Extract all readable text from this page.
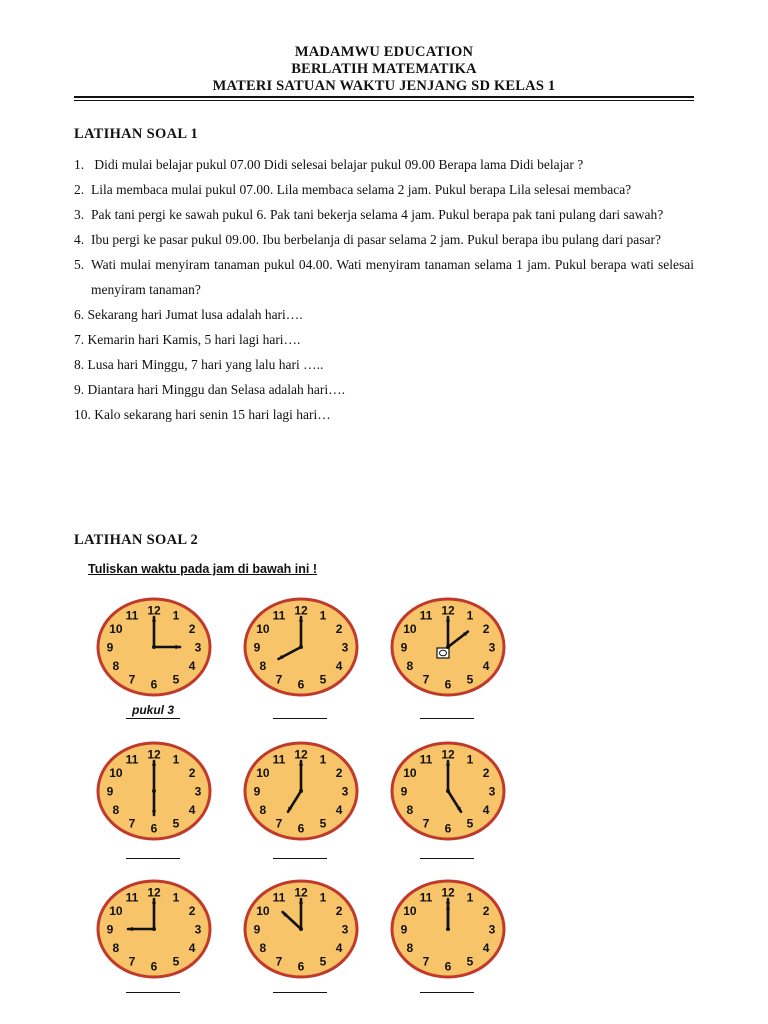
MADAMWU EDUCATION
BERLATIH MATEMATIKA
MATERI SATUAN WAKTU JENJANG SD KELAS 1
LATIHAN SOAL 1
1. Didi mulai belajar pukul 07.00 Didi selesai belajar pukul 09.00 Berapa lama Didi belajar ?
2. Lila membaca mulai pukul 07.00. Lila membaca selama 2 jam. Pukul berapa Lila selesai membaca?
3. Pak tani pergi ke sawah pukul 6. Pak tani bekerja selama 4 jam. Pukul berapa pak tani pulang dari sawah?
4. Ibu pergi ke pasar pukul 09.00. Ibu berbelanja di pasar selama 2 jam. Pukul berapa ibu pulang dari pasar?
5. Wati mulai menyiram tanaman pukul 04.00. Wati menyiram tanaman selama 1 jam. Pukul berapa wati selesai menyiram tanaman?
6. Sekarang hari Jumat lusa adalah hari….
7. Kemarin hari Kamis, 5 hari lagi hari….
8. Lusa hari Minggu, 7 hari yang lalu hari …..
9. Diantara hari Minggu dan Selasa adalah hari….
10. Kalo sekarang hari senin 15 hari lagi hari…
LATIHAN SOAL 2
Tuliskan waktu pada jam di bawah ini !
12 1
2
3
4
5
6
7
8
9
10
11
pukul 3
12 1
2
3
4
5
6
7
8
9
10
11	12 1
2
3
4
5
6
7
8
9
10
11
12 1
2
3
4
5
6
7
8
9
10
11	12 1
2
3
4
5
6
7
8
9
10
11	12 1
2
3
4
5
6
7
8
9
10
11
12 1
2
3
4
5
6
7
8
9
10
11	12 1
2
3
4
5
6
7
8
9
10
11	12 1
2
3
4
5
6
7
8
9
10
11
